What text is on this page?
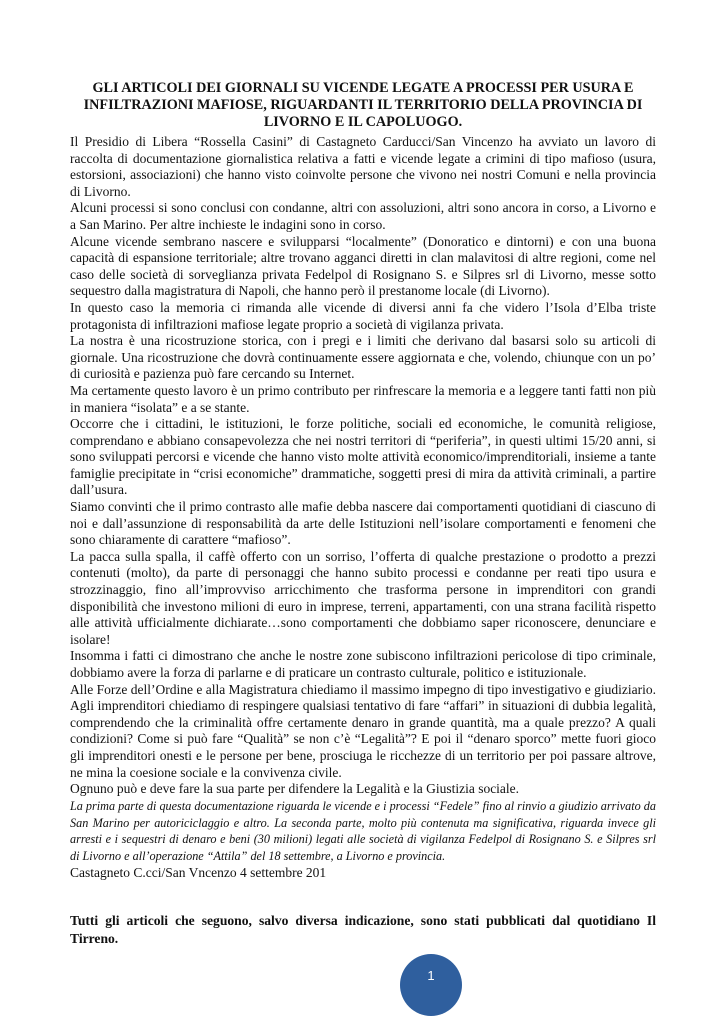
GLI ARTICOLI DEI GIORNALI SU VICENDE LEGATE A PROCESSI PER USURA E INFILTRAZIONI MAFIOSE, RIGUARDANTI IL TERRITORIO DELLA PROVINCIA DI LIVORNO E IL CAPOLUOGO.

Il Presidio di Libera “Rossella Casini” di Castagneto Carducci/San Vincenzo ha avviato un lavoro di raccolta di documentazione giornalistica relativa a fatti e vicende legate a crimini di tipo mafioso (usura, estorsioni, associazioni) che hanno visto coinvolte persone che vivono nei nostri Comuni e nella provincia di Livorno.

Alcuni processi si sono conclusi con condanne, altri con assoluzioni, altri sono ancora in corso, a Livorno e a San Marino. Per altre inchieste le indagini sono in corso.

Alcune vicende sembrano nascere e svilupparsi “localmente” (Donoratico e dintorni) e con una buona capacità di espansione territoriale; altre trovano agganci diretti in clan malavitosi di altre regioni, come nel caso delle società di sorveglianza privata Fedelpol di Rosignano S. e Silpres srl di Livorno, messe sotto sequestro dalla magistratura di Napoli, che hanno però il prestanome locale (di Livorno).

In questo caso la memoria ci rimanda alle vicende di diversi anni fa che videro l’Isola d’Elba triste protagonista di infiltrazioni mafiose legate proprio a società di vigilanza privata.

La nostra è una ricostruzione storica, con i pregi e i limiti che derivano dal basarsi solo su articoli di giornale. Una ricostruzione che dovrà continuamente essere aggiornata e che, volendo, chiunque con un po’ di curiosità e pazienza può fare cercando su Internet.

Ma certamente questo lavoro è un primo contributo per rinfrescare la memoria e a leggere tanti fatti non più in maniera “isolata” e a se stante.

Occorre che i cittadini, le istituzioni, le forze politiche, sociali ed economiche, le comunità religiose, comprendano e abbiano consapevolezza che nei nostri territori di “periferia”, in questi ultimi 15/20 anni, si sono sviluppati percorsi e vicende che hanno visto molte attività economico/imprenditoriali, insieme a tante famiglie precipitate in “crisi economiche” drammatiche, soggetti presi di mira da attività criminali, a partire dall’usura.

Siamo convinti che il primo contrasto alle mafie debba nascere dai comportamenti quotidiani di ciascuno di noi e dall’assunzione di responsabilità da arte delle Istituzioni nell’isolare comportamenti e fenomeni che sono chiaramente di carattere “mafioso”.

La pacca sulla spalla, il caffè offerto con un sorriso, l’offerta di qualche prestazione o prodotto a prezzi contenuti (molto), da parte di personaggi che hanno subito processi e condanne per reati tipo usura e strozzinaggio, fino all’improvviso arricchimento che trasforma persone in imprenditori con grandi disponibilità che investono milioni di euro in imprese, terreni, appartamenti, con una strana facilità rispetto alle attività ufficialmente dichiarate…sono comportamenti che dobbiamo saper riconoscere, denunciare e isolare!

Insomma i fatti ci dimostrano che anche le nostre zone subiscono infiltrazioni pericolose di tipo criminale, dobbiamo avere la forza di parlarne e di praticare un contrasto culturale, politico e istituzionale.

Alle Forze dell’Ordine e alla Magistratura chiediamo il massimo impegno di tipo investigativo e giudiziario.

Agli imprenditori chiediamo di respingere qualsiasi tentativo di fare “affari” in situazioni di dubbia legalità, comprendendo che la criminalità offre certamente denaro in grande quantità, ma a quale prezzo? A quali condizioni? Come si può fare “Qualità” se non c’è “Legalità”? E poi il “denaro sporco” mette fuori gioco gli imprenditori onesti e le persone per bene, prosciuga le ricchezze di un territorio per poi passare altrove, ne mina la coesione sociale e la convivenza civile.

Ognuno può e deve fare la sua parte per difendere la Legalità e la Giustizia sociale.

La prima parte di questa documentazione riguarda le vicende e i processi “Fedele” fino al rinvio a giudizio arrivato da San Marino per autoriciclaggio e altro. La seconda parte, molto più contenuta ma significativa, riguarda invece gli arresti e i sequestri di denaro e beni (30 milioni) legati alle società di vigilanza Fedelpol di Rosignano S. e Silpres srl di Livorno e all’operazione “Attila” del 18 settembre, a Livorno e provincia.

Castagneto C.cci/San Vncenzo 4 settembre 201

Tutti gli articoli che seguono, salvo diversa indicazione, sono stati pubblicati dal quotidiano Il Tirreno.

1
